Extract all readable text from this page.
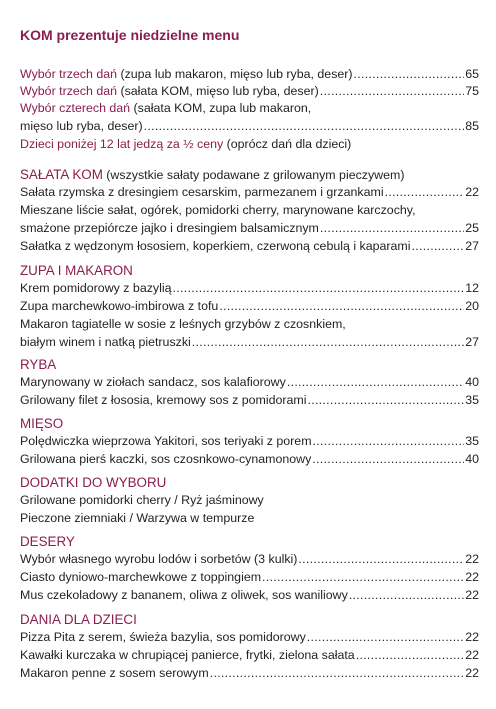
KOM prezentuje niedzielne menu
Wybór trzech dań (zupa lub makaron, mięso lub ryba, deser) .....	65
Wybór trzech dań (sałata KOM, mięso lub ryba, deser) .....	75
Wybór czterech dań (sałata KOM, zupa lub makaron,
mięso lub ryba, deser) .....	85
Dzieci poniżej 12 lat jedzą za ½ ceny (oprócz dań dla dzieci)
SAŁATA KOM (wszystkie sałaty podawane z grilowanym pieczywem)
Sałata rzymska z dresingiem cesarskim, parmezanem i grzankami .....	22
Mieszane liście sałat, ogórek, pomidorki cherry, marynowane karczochy,
smażone przepiórcze jajko i dresingiem balsamicznym .....	25
Sałatka z wędzonym łososiem, koperkiem, czerwoną cebulą i kaparami .....	27
ZUPA I MAKARON
Krem pomidorowy z bazylią .....	12
Zupa marchewkowo-imbirowa z tofu .....	20
Makaron tagiatelle w sosie z leśnych grzybów z czosnkiem,
białym winem i natką pietruszki .....	27
RYBA
Marynowany w ziołach sandacz, sos kalafiorowy .....	40
Grilowany filet z łososia, kremowy sos z pomidorami .....	35
MIĘSO
Polędwiczka wieprzowa Yakitori, sos teriyaki z porem .....	35
Grilowana pierś kaczki, sos czosnkowo-cynamonowy .....	40
DODATKI DO WYBORU
Grilowane pomidorki cherry / Ryż jaśminowy
Pieczone ziemniaki / Warzywa w tempurze
DESERY
Wybór własnego wyrobu lodów i sorbetów (3 kulki) .....	22
Ciasto dyniowo-marchewkowe z toppingiem .....	22
Mus czekoladowy z bananem, oliwa z oliwek, sos waniliowy .....	22
DANIA DLA DZIECI
Pizza Pita z serem, świeża bazylia, sos pomidorowy .....	22
Kawałki kurczaka w chrupiącej panierce, frytki, zielona sałata .....	22
Makaron penne z sosem serowym .....	22
